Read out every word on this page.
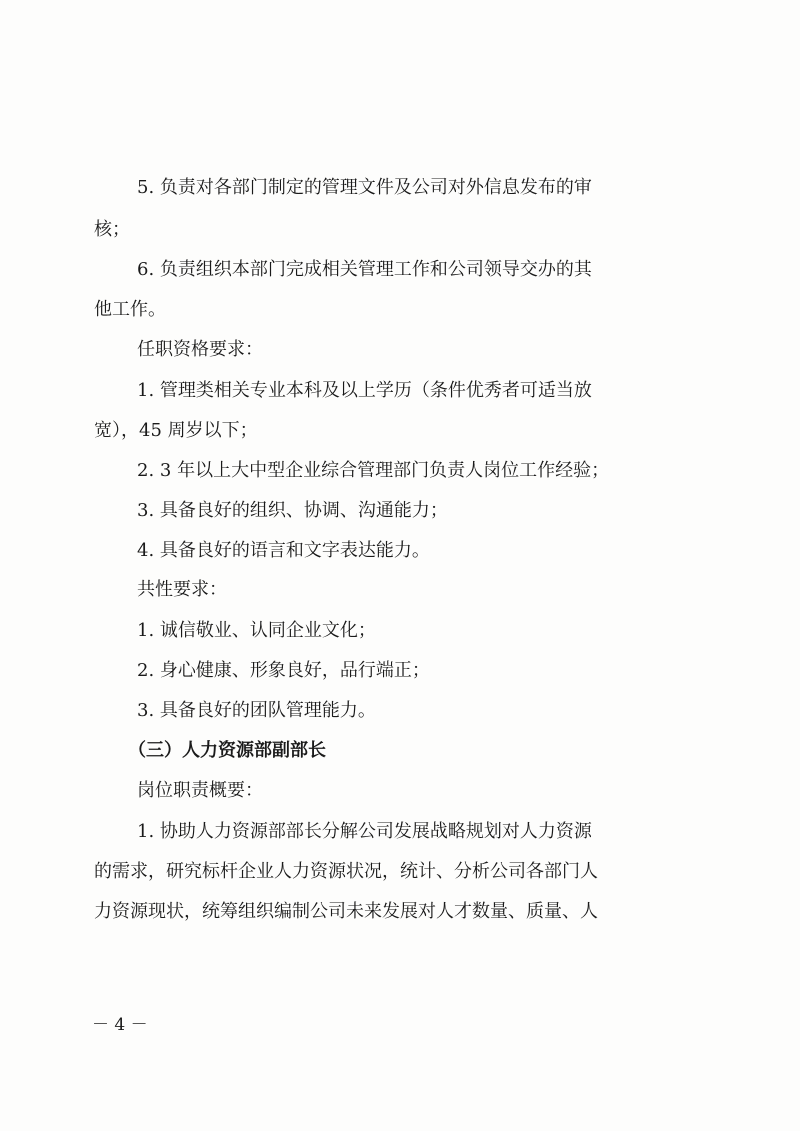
5. 负责对各部门制定的管理文件及公司对外信息发布的审
核；
6. 负责组织本部门完成相关管理工作和公司领导交办的其
他工作。
任职资格要求：
1. 管理类相关专业本科及以上学历（条件优秀者可适当放
宽），45 周岁以下；
2. 3 年以上大中型企业综合管理部门负责人岗位工作经验；
3. 具备良好的组织、协调、沟通能力；
4. 具备良好的语言和文字表达能力。
共性要求：
1. 诚信敬业、认同企业文化；
2. 身心健康、形象良好，品行端正；
3. 具备良好的团队管理能力。
（三）人力资源部副部长
岗位职责概要：
1. 协助人力资源部部长分解公司发展战略规划对人力资源
的需求，研究标杆企业人力资源状况，统计、分析公司各部门人
力资源现状，统筹组织编制公司未来发展对人才数量、质量、人
－ 4 －
